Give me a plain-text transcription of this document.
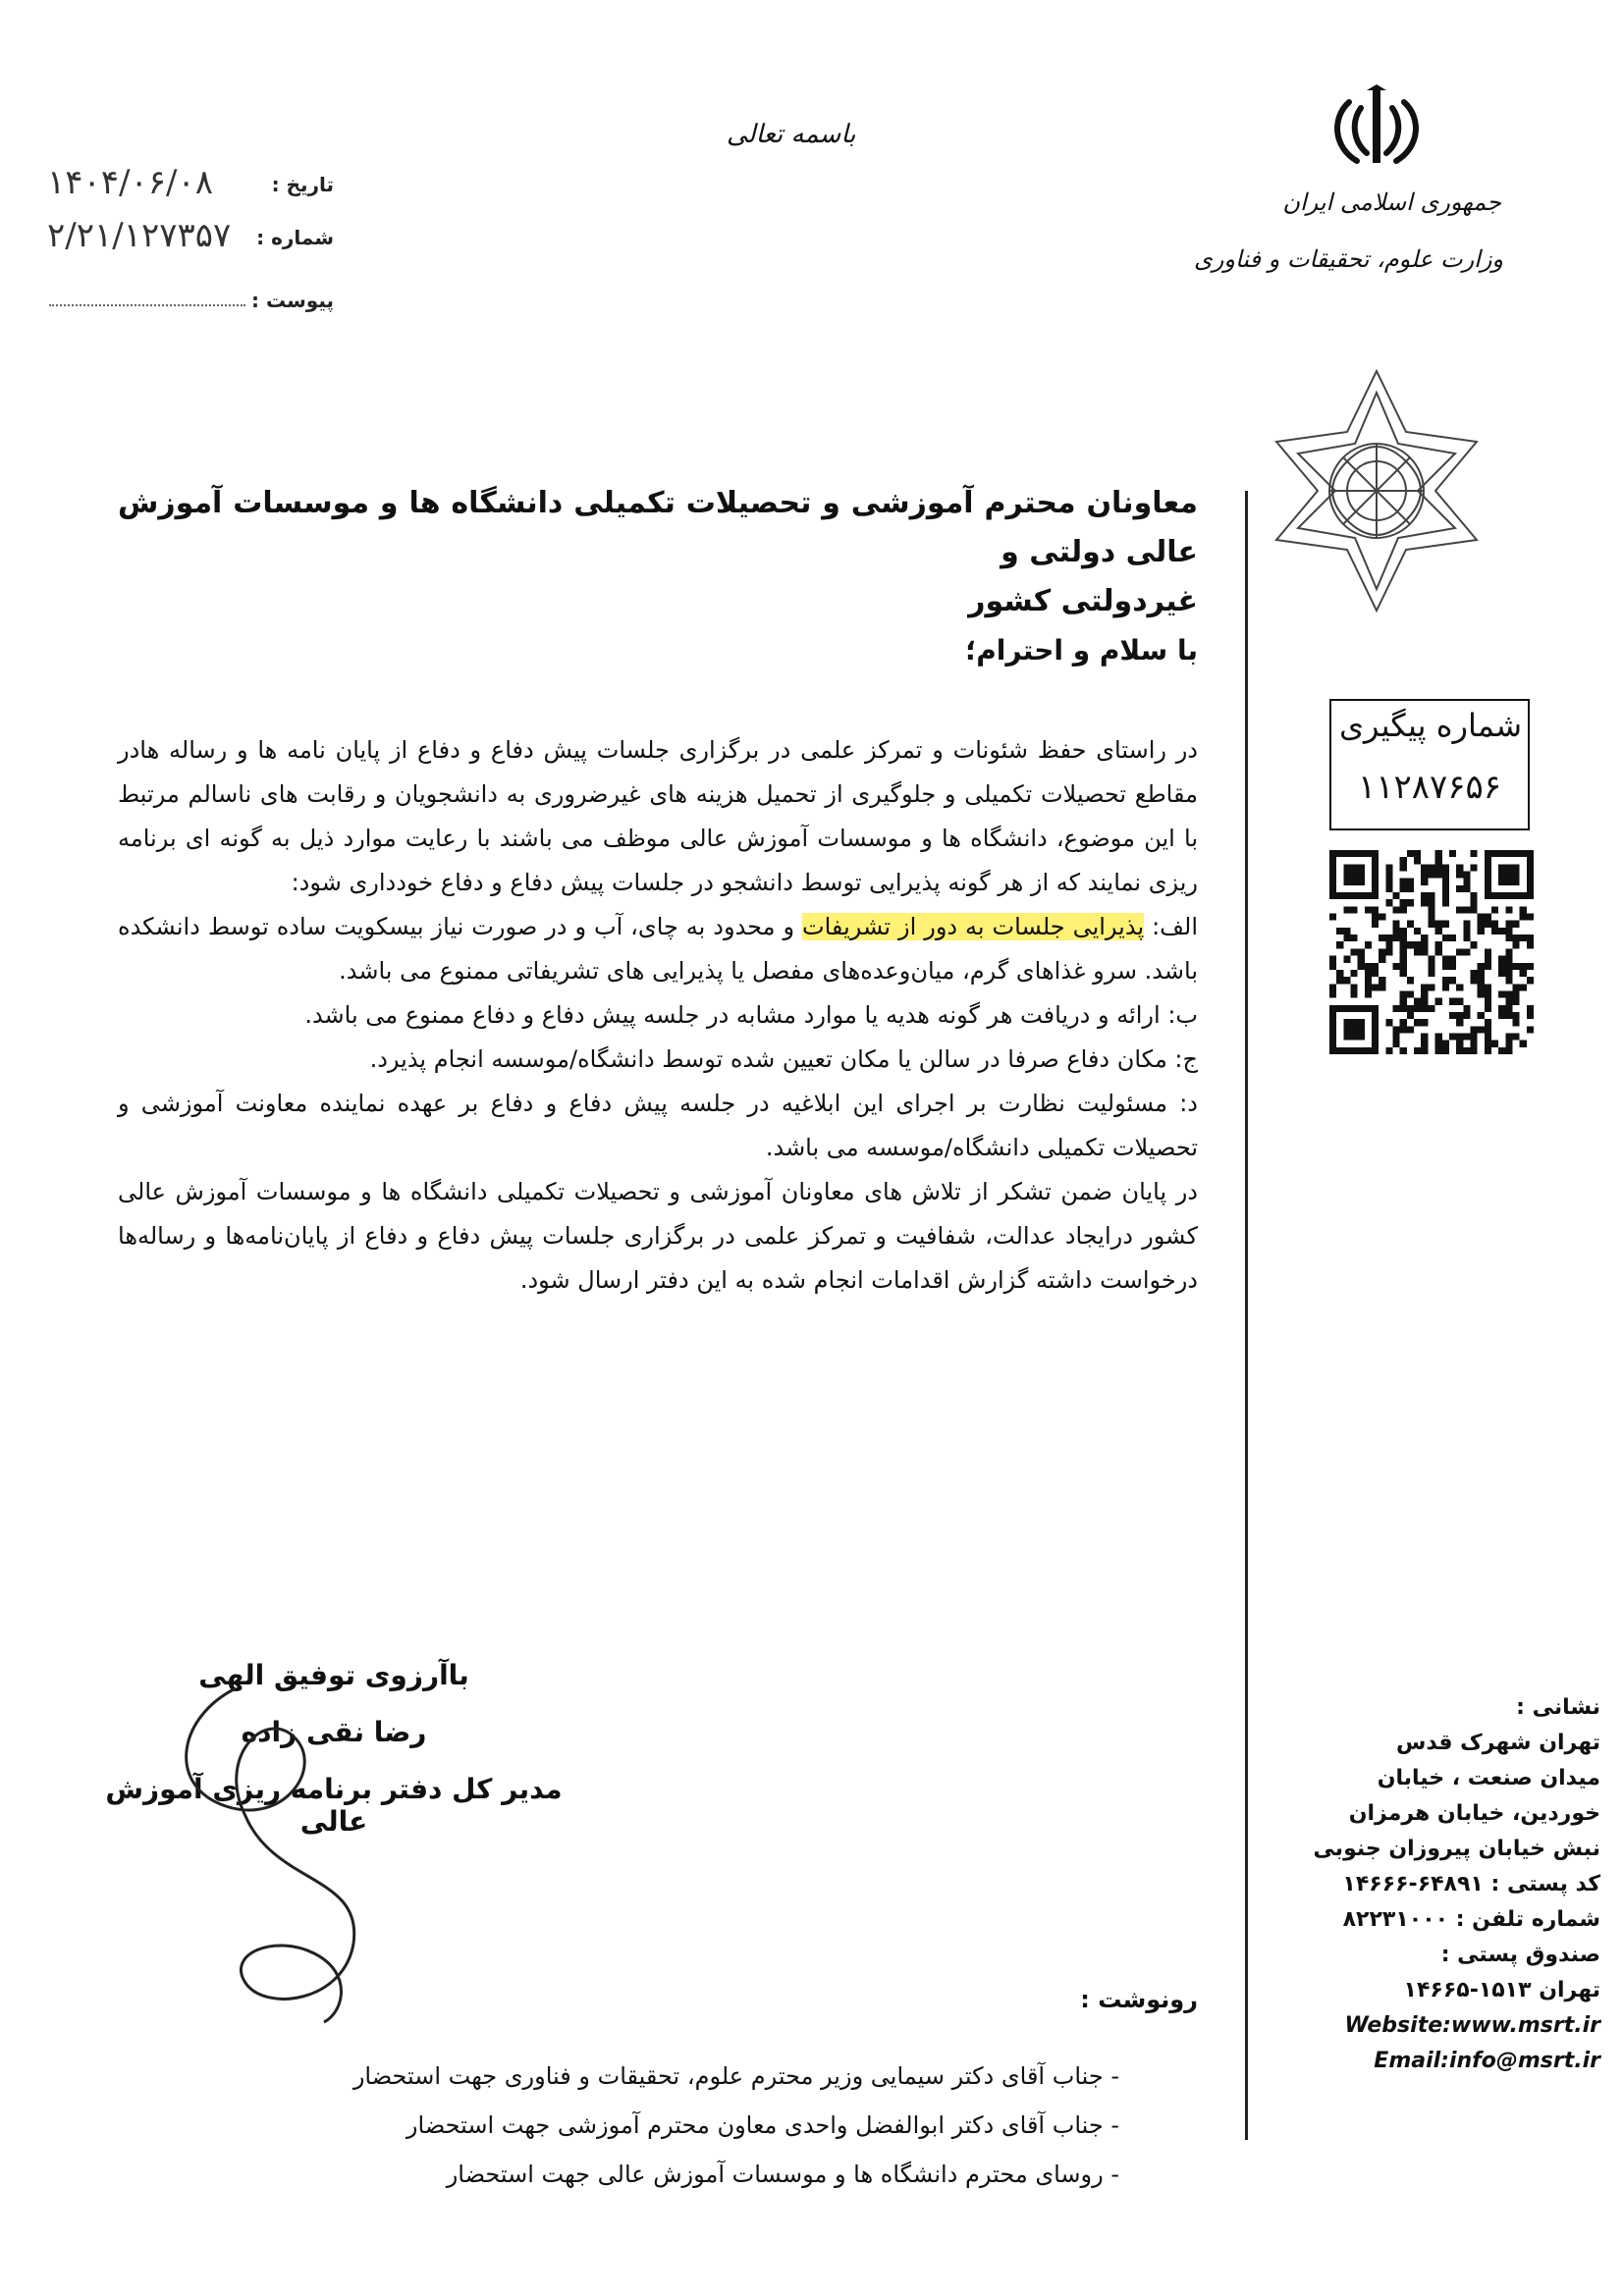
باسمه تعالی
۱۴۰۴/۰۶/۰۸	تاریخ :
۲/۲۱/۱۲۷۳۵۷ شماره :
پیوست :
جمهوری اسلامی ایران
وزارت علوم، تحقیقات و فناوری
شماره پیگیری
۱۱۲۸۷۶۵۶
معاونان محترم آموزشی و تحصیلات تکمیلی دانشگاه ها و موسسات آموزش عالی دولتی و
غیردولتی کشور
با سلام و احترام؛
در راستای حفظ شئونات و تمرکز علمی در برگزاری جلسات پیش دفاع و دفاع از پایان نامه ها و رساله هادر مقاطع تحصیلات تکمیلی و جلوگیری از تحمیل هزینه های غیرضروری به دانشجویان و رقابت های ناسالم مرتبط با این موضوع، دانشگاه ها و موسسات آموزش عالی موظف می باشند با رعایت موارد ذیل به گونه ای برنامه ریزی نمایند که از هر گونه پذیرایی توسط دانشجو در جلسات پیش دفاع و دفاع خودداری شود:
الف: پذیرایی جلسات به دور از تشریفات و محدود به چای، آب و در صورت نیاز بیسکویت ساده توسط دانشکده باشد. سرو غذاهای گرم، میان‌وعده‌های مفصل یا پذیرایی های تشریفاتی ممنوع می باشد.
ب: ارائه و دریافت هر گونه هدیه یا موارد مشابه در جلسه پیش دفاع و دفاع ممنوع می باشد.
ج: مکان دفاع صرفا در سالن یا مکان تعیین شده توسط دانشگاه/موسسه انجام پذیرد.
د: مسئولیت نظارت بر اجرای این ابلاغیه در جلسه پیش دفاع و دفاع بر عهده نماینده معاونت آموزشی و تحصیلات تکمیلی دانشگاه/موسسه می باشد.
در پایان ضمن تشکر از تلاش های معاونان آموزشی و تحصیلات تکمیلی دانشگاه ها و موسسات آموزش عالی کشور درایجاد عدالت، شفافیت و تمرکز علمی در برگزاری جلسات پیش دفاع و دفاع از پایان‌نامه‌ها و رساله‌ها درخواست داشته گزارش اقدامات انجام شده به این دفتر ارسال شود.
باآرزوی توفیق الهی
رضا نقی زاده
مدیر کل دفتر برنامه ریزی آموزش عالی
رونوشت :
- جناب آقای دکتر سیمایی وزیر محترم علوم، تحقیقات و فناوری جهت استحضار
- جناب آقای دکتر ابوالفضل واحدی معاون محترم آموزشی جهت استحضار
- روسای محترم دانشگاه ها و موسسات آموزش عالی جهت استحضار
نشانی :
تهران شهرک قدس
میدان صنعت ، خیابان
خوردین، خیابان هرمزان
نبش خیابان پیروزان جنوبی
کد پستی : ۶۴۸۹۱-۱۴۶۶۶
شماره تلفن : ۸۲۲۳۱۰۰۰
صندوق پستی :
تهران ۱۵۱۳-۱۴۶۶۵
Website:www.msrt.ir
Email:info@msrt.ir
